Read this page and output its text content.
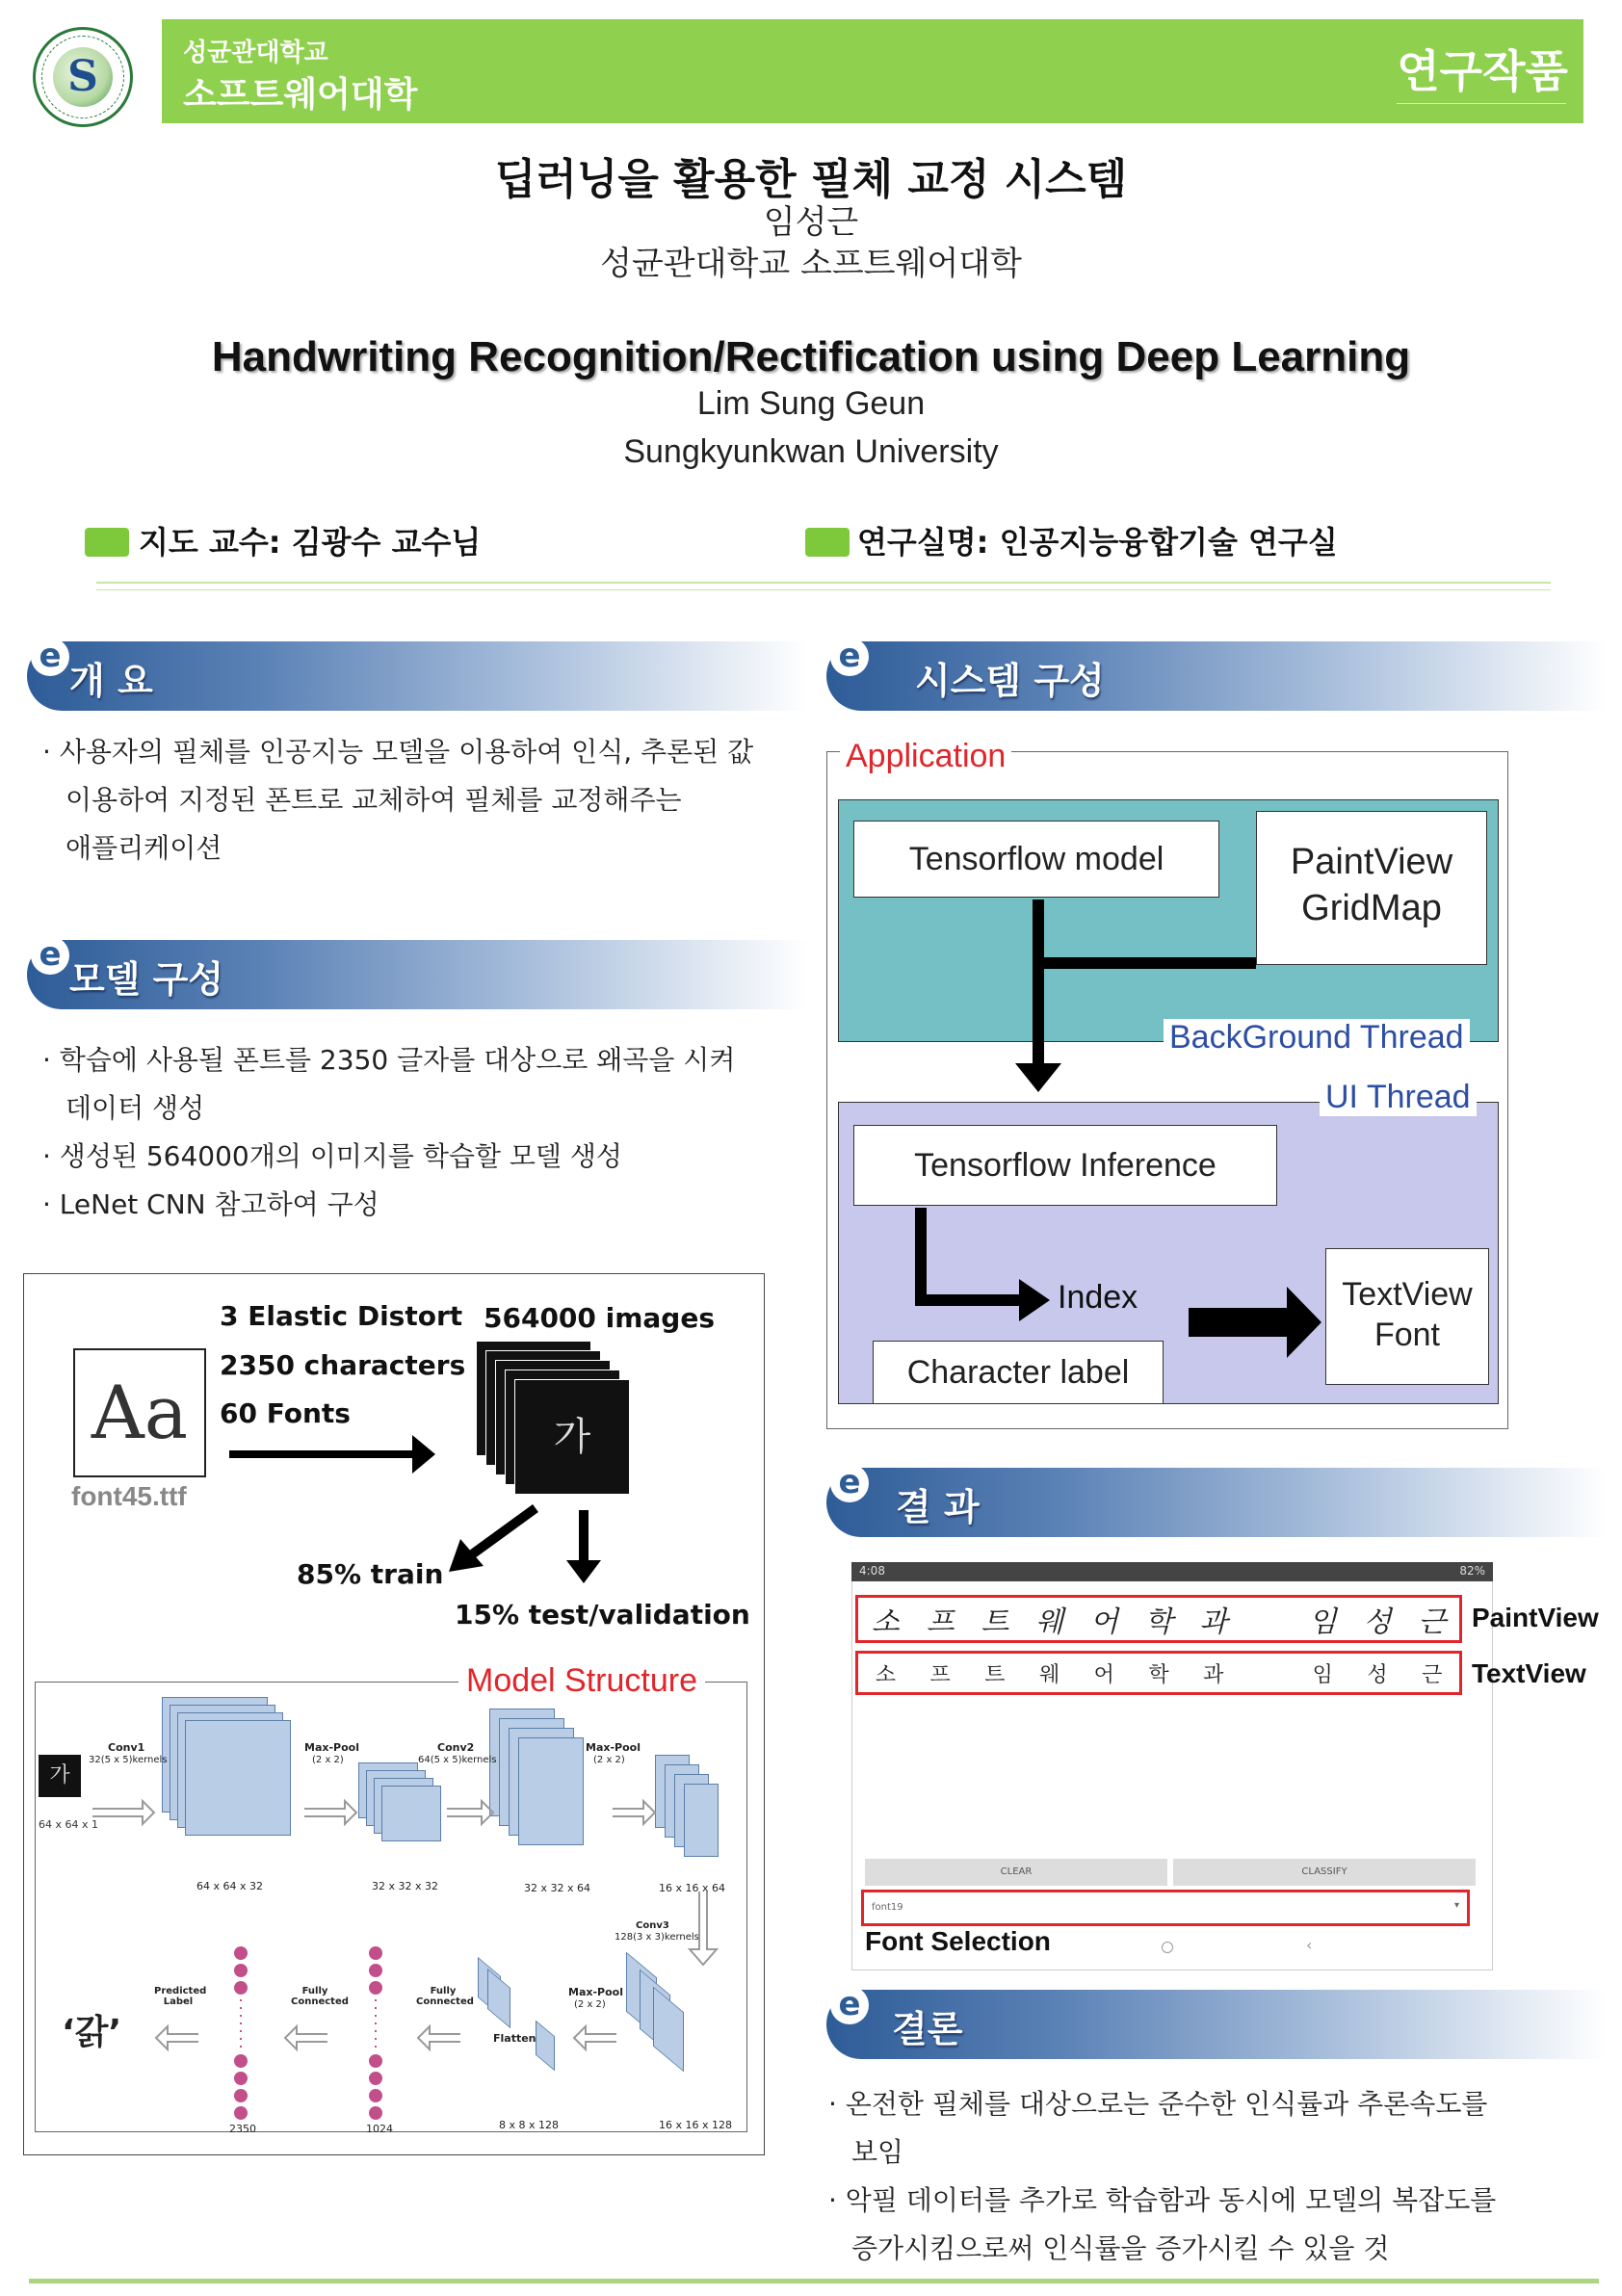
S	성균관대학교
소프트웨어대학	연구작품
딥러닝을 활용한 필체 교정 시스템
임성근
성균관대학교 소프트웨어대학
Handwriting Recognition/Rectification using Deep Learning
Lim Sung Geun
Sungkyunkwan University
지도 교수: 김광수 교수님	연구실명: 인공지능융합기술 연구실
e
개 요
· 사용자의 필체를 인공지능 모델을 이용하여 인식, 추론된 값
이용하여 지정된 폰트로 교체하여 필체를 교정해주는
애플리케이션
e
모델 구성
· 학습에 사용될 폰트를 2350 글자를 대상으로 왜곡을 시켜
데이터 생성
· 생성된 564000개의 이미지를 학습할 모델 생성
· LeNet CNN 참고하여 구성
Aa
font45.ttf
3 Elastic Distort
2350 characters
60 Fonts
564000 images
가
85% train
15% test/validation
Model Structure
가
64 x 64 x 1
Conv1
32(5 x 5)kernels
Max-Pool
(2 x 2)
Conv2
64(5 x 5)kernels
Max-Pool
(2 x 2)
64 x 64 x 32	32 x 32 x 32	32 x 32 x 64	16 x 16 x 64
Conv3
128(3 x 3)kernels
Max-Pool
(2 x 2)
Flatten
Fully Connected
Fully Connected
Predicted Label
‘갉’
2350	1024	8 x 8 x 128	16 x 16 x 128
e
시스템 구성
Application
Tensorflow model	PaintView
GridMap
BackGround Thread
UI Thread
Tensorflow Inference
Index
Character label
TextView
Font
e
결 과
4:08	82%
소 프 트 웨 어 학 과	임 성 근
소	프	트	웨	어	학	과	임	성	근
PaintView
TextView
CLEAR	CLASSIFY
font19	▾
Font Selection	‹
e
결론
· 온전한 필체를 대상으로는 준수한 인식률과 추론속도를
보임
· 악필 데이터를 추가로 학습함과 동시에 모델의 복잡도를
증가시킴으로써 인식률을 증가시킬 수 있을 것
